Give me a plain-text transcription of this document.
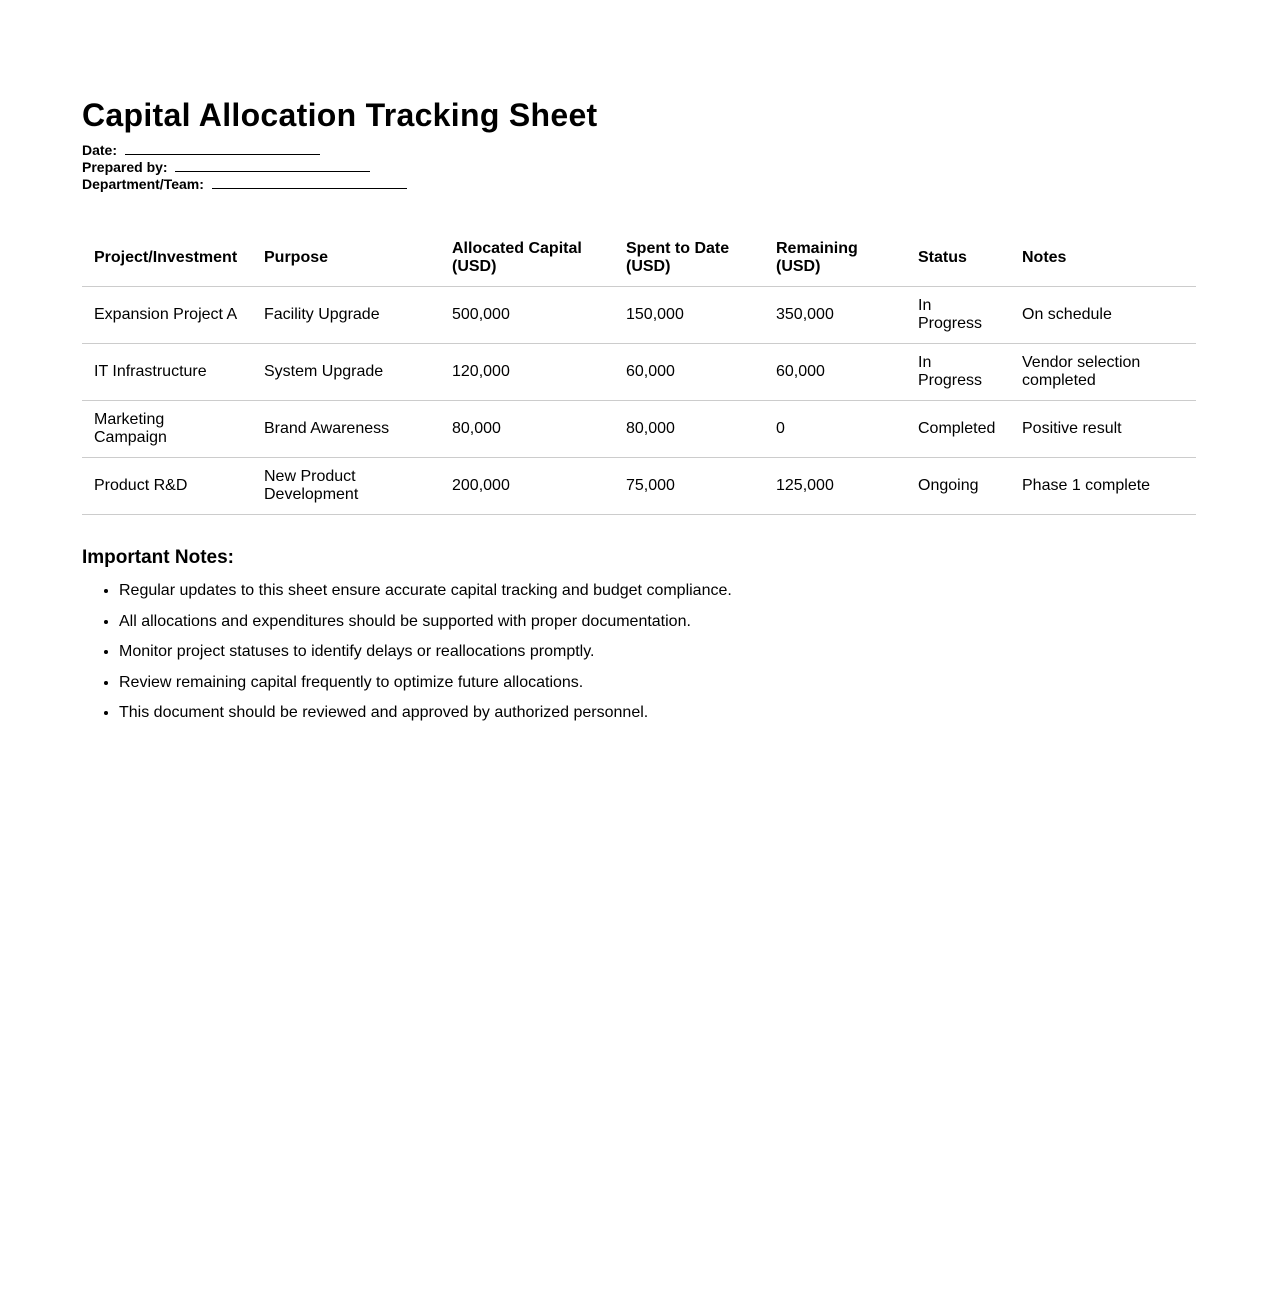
Capital Allocation Tracking Sheet
Date:
Prepared by:
Department/Team:
Project/Investment	Purpose	Allocated Capital (USD)	Spent to Date (USD)	Remaining (USD)	Status	Notes
Expansion Project A	Facility Upgrade	500,000	150,000	350,000	In Progress	On schedule
IT Infrastructure	System Upgrade	120,000	60,000	60,000	In Progress	Vendor selection completed
Marketing Campaign	Brand Awareness	80,000	80,000	0	Completed	Positive result
Product R&D	New Product Development	200,000	75,000	125,000	Ongoing	Phase 1 complete
Important Notes:
• Regular updates to this sheet ensure accurate capital tracking and budget compliance.
• All allocations and expenditures should be supported with proper documentation.
• Monitor project statuses to identify delays or reallocations promptly.
• Review remaining capital frequently to optimize future allocations.
• This document should be reviewed and approved by authorized personnel.
